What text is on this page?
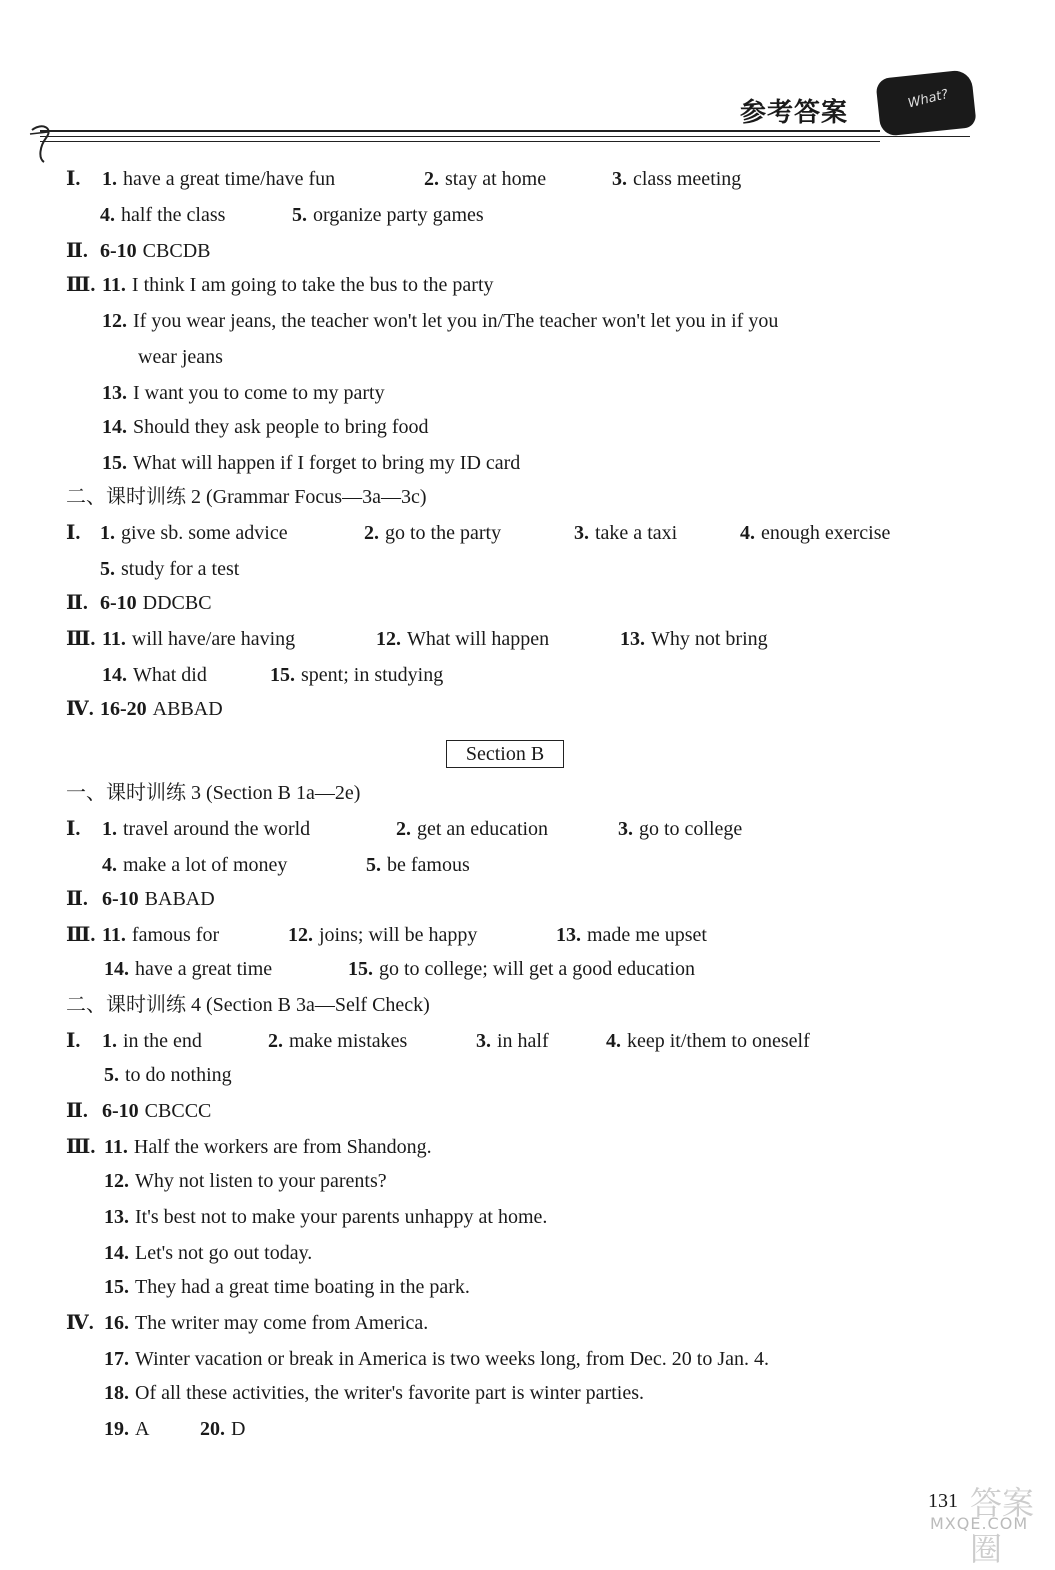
参考答案	What?
Ⅰ. 1. have a great time/have fun	2. stay at home	3. class meeting
4. half the class	5. organize party games
Ⅱ. 6-10 CBCDB
Ⅲ. 11. I think I am going to take the bus to the party
12. If you wear jeans, the teacher won't let you in/The teacher won't let you in if you
wear jeans
13. I want you to come to my party
14. Should they ask people to bring food
15. What will happen if I forget to bring my ID card
二、课时训练 2 (Grammar Focus—3a—3c)
Ⅰ. 1. give sb. some advice	2. go to the party	3. take a taxi	4. enough exercise
5. study for a test
Ⅱ. 6-10 DDCBC
Ⅲ. 11. will have/are having	12. What will happen	13. Why not bring
14. What did	15. spent; in studying
Ⅳ. 16-20 ABBAD
一、课时训练 3 (Section B 1a—2e)
Ⅰ. 1. travel around the world	2. get an education	3. go to college
4. make a lot of money	5. be famous
Ⅱ. 6-10 BABAD
Ⅲ. 11. famous for	12. joins; will be happy	13. made me upset
14. have a great time	15. go to college; will get a good education
二、课时训练 4 (Section B 3a—Self Check)
Ⅰ. 1. in the end	2. make mistakes	3. in half	4. keep it/them to oneself
5. to do nothing
Ⅱ. 6-10 CBCCC
Ⅲ. 11. Half the workers are from Shandong.
12. Why not listen to your parents?
13. It's best not to make your parents unhappy at home.
14. Let's not go out today.
15. They had a great time boating in the park.
Ⅳ. 16. The writer may come from America.
17. Winter vacation or break in America is two weeks long, from Dec. 20 to Jan. 4.
18. Of all these activities, the writer's favorite part is winter parties.
19. A	20. D
Section B
131 答案圈
MXQE.COM
